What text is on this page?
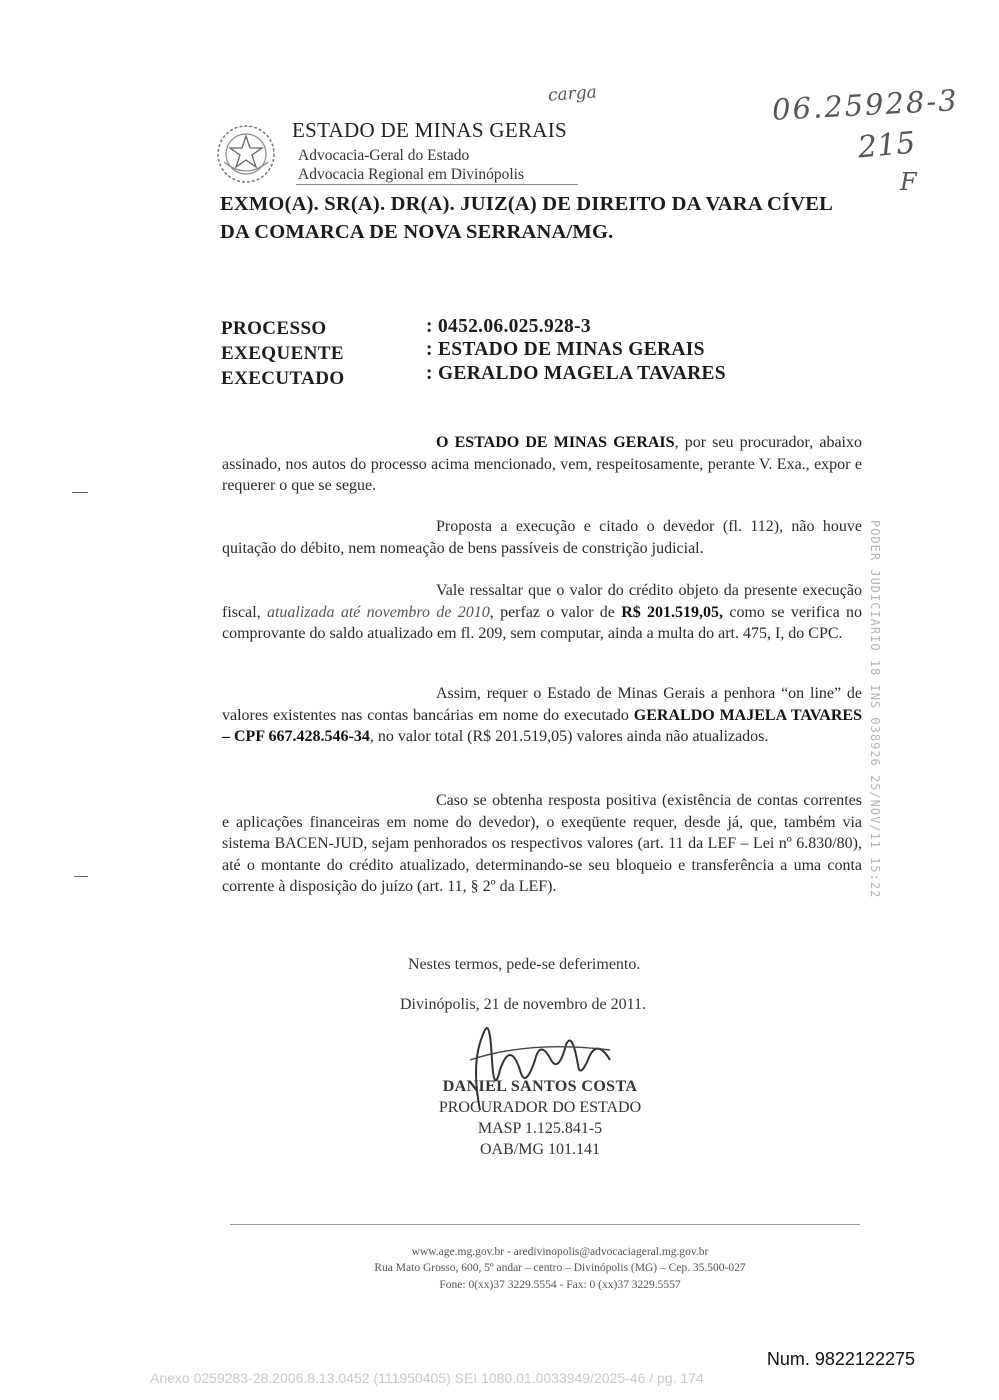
carga	06.25928-3
215
F
ESTADO DE MINAS GERAIS
Advocacia-Geral do Estado
Advocacia Regional em Divinópolis
EXMO(A). SR(A). DR(A). JUIZ(A) DE DIREITO DA VARA CÍVEL
DA COMARCA DE NOVA SERRANA/MG.
PROCESSO	: 0452.06.025.928-3
EXEQUENTE	: ESTADO DE MINAS GERAIS
EXECUTADO	: GERALDO MAGELA TAVARES
O ESTADO DE MINAS GERAIS, por seu procurador, abaixo assinado, nos autos do processo acima mencionado, vem, respeitosamente, perante V. Exa., expor e requerer o que se segue.
Proposta a execução e citado o devedor (fl. 112), não houve quitação do débito, nem nomeação de bens passíveis de constrição judicial.
Vale ressaltar que o valor do crédito objeto da presente execução fiscal, atualizada até novembro de 2010, perfaz o valor de R$ 201.519,05, como se verifica no comprovante do saldo atualizado em fl. 209, sem computar, ainda a multa do art. 475, I, do CPC.
Assim, requer o Estado de Minas Gerais a penhora “on line” de valores existentes nas contas bancárias em nome do executado GERALDO MAJELA TAVARES – CPF 667.428.546-34, no valor total (R$ 201.519,05) valores ainda não atualizados.
Caso se obtenha resposta positiva (existência de contas correntes e aplicações financeiras em nome do devedor), o exeqüente requer, desde já, que, também via sistema BACEN-JUD, sejam penhorados os respectivos valores (art. 11 da LEF – Lei nº 6.830/80), até o montante do crédito atualizado, determinando-se seu bloqueio e transferência a uma conta corrente à disposição do juízo (art. 11, § 2º da LEF).
Nestes termos, pede-se deferimento.
Divinópolis, 21 de novembro de 2011.
DANIEL SANTOS COSTA
PROCURADOR DO ESTADO
MASP 1.125.841-5
OAB/MG 101.141
www.age.mg.gov.br - aredivinopolis@advocaciageral.mg.gov.br
Rua Mato Grosso, 600, 5º andar – centro – Divinópolis (MG) – Cep. 35.500-027
Fone: 0(xx)37 3229.5554 - Fax: 0 (xx)37 3229.5557
PODER JUDICIARIO 18 INS 038926 25/NOV/11 15:22
Num. 9822122275
Anexo 0259283-28.2006.8.13.0452 (111950405) SEI 1080.01.0033949/2025-46 / pg. 174
